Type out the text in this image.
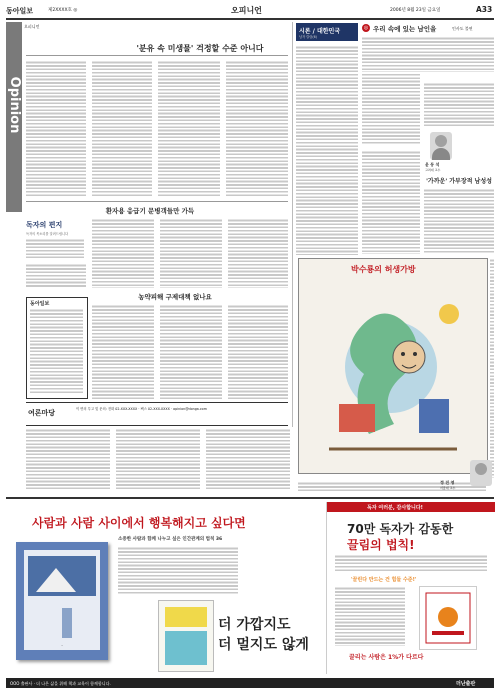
동아일보	제2XXXX호 ◎	오피니언	2006년 8월 23일 금요일	A33
Opinion
오피니언
'분유 속 미생물' 걱정할 수준 아니다
환자용 응급기 문병객들만 가득
독자의 편지
독자의 목소리를 알려드립니다
농약피해 구제대책 없나요
동아일보
여론마당	이 면의 투고 및 문의: 전화 02-XXX-XXXX · 팩스 02-XXX-XXXX · opinion@donga.com
시론 / 대한민국
남자 칼럼(6)
◎ 우리 속에 있는 남인을	인사도 불연
윤 동 석
고려대 교수
박수룡의 허생가방
'가까운' 가부장적 남성성
정 진 영
서울대 교수
사람과 사람 사이에서 행복해지고 싶다면
소중한 사람과 함께 나누고 싶은 인간관계의 법칙 36
.
더 가깝지도
더 멀지도 않게
독자 여러분, 감사합니다!
70만 독자가 감동한
끌림의 법칙!
'끌린다 만드는 건 힘들 수준!'
끌리는 사람은 1%가 다르다
OOO 출판사 · 더 나은 삶을 위해 책과 교육이 함께합니다.	더난출판
